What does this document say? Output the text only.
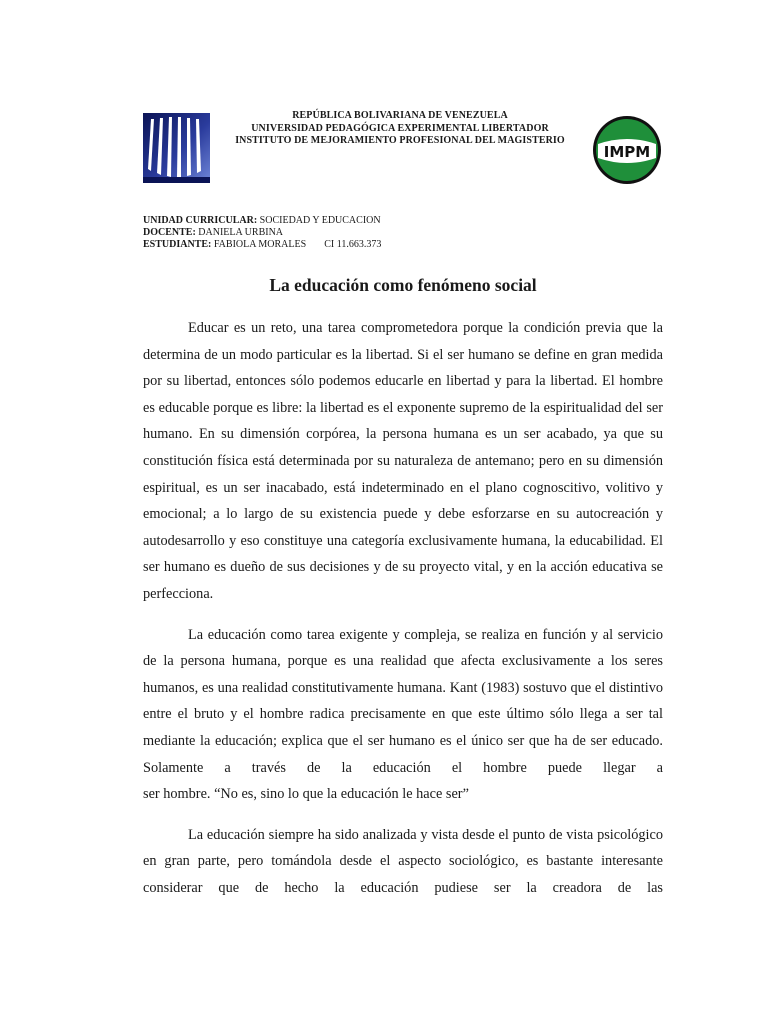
REPÚBLICA BOLIVARIANA DE VENEZUELA
UNIVERSIDAD PEDAGÓGICA EXPERIMENTAL LIBERTADOR
INSTITUTO DE MEJORAMIENTO PROFESIONAL DEL MAGISTERIO
IMPM
UNIDAD CURRICULAR: SOCIEDAD Y EDUCACION
DOCENTE: DANIELA URBINA
ESTUDIANTE: FABIOLA MORALES CI 11.663.373
La educación como fenómeno social

Educar es un reto, una tarea comprometedora porque la condición previa que la determina de un modo particular es la libertad. Si el ser humano se define en gran medida por su libertad, entonces sólo podemos educarle en libertad y para la libertad. El hombre es educable porque es libre: la libertad es el exponente supremo de la espiritualidad del ser humano. En su dimensión corpórea, la persona humana es un ser acabado, ya que su constitución física está determinada por su naturaleza de antemano; pero en su dimensión espiritual, es un ser inacabado, está indeterminado en el plano cognoscitivo, volitivo y emocional; a lo largo de su existencia puede y debe esforzarse en su autocreación y autodesarrollo y eso constituye una categoría exclusivamente humana, la educabilidad. El ser humano es dueño de sus decisiones y de su proyecto vital, y en la acción educativa se perfecciona.

La educación como tarea exigente y compleja, se realiza en función y al servicio de la persona humana, porque es una realidad que afecta exclusivamente a los seres humanos, es una realidad constitutivamente humana. Kant (1983) sostuvo que el distintivo entre el bruto y el hombre radica precisamente en que este último sólo llega a ser tal mediante la educación; explica que el ser humano es el único ser que ha de ser educado. Solamente a través de la educación el hombre puede llegar a

ser hombre. “No es, sino lo que la educación le hace ser”

La educación siempre ha sido analizada y vista desde el punto de vista psicológico en gran parte, pero tomándola desde el aspecto sociológico, es bastante interesante considerar que de hecho la educación pudiese ser la creadora de las
